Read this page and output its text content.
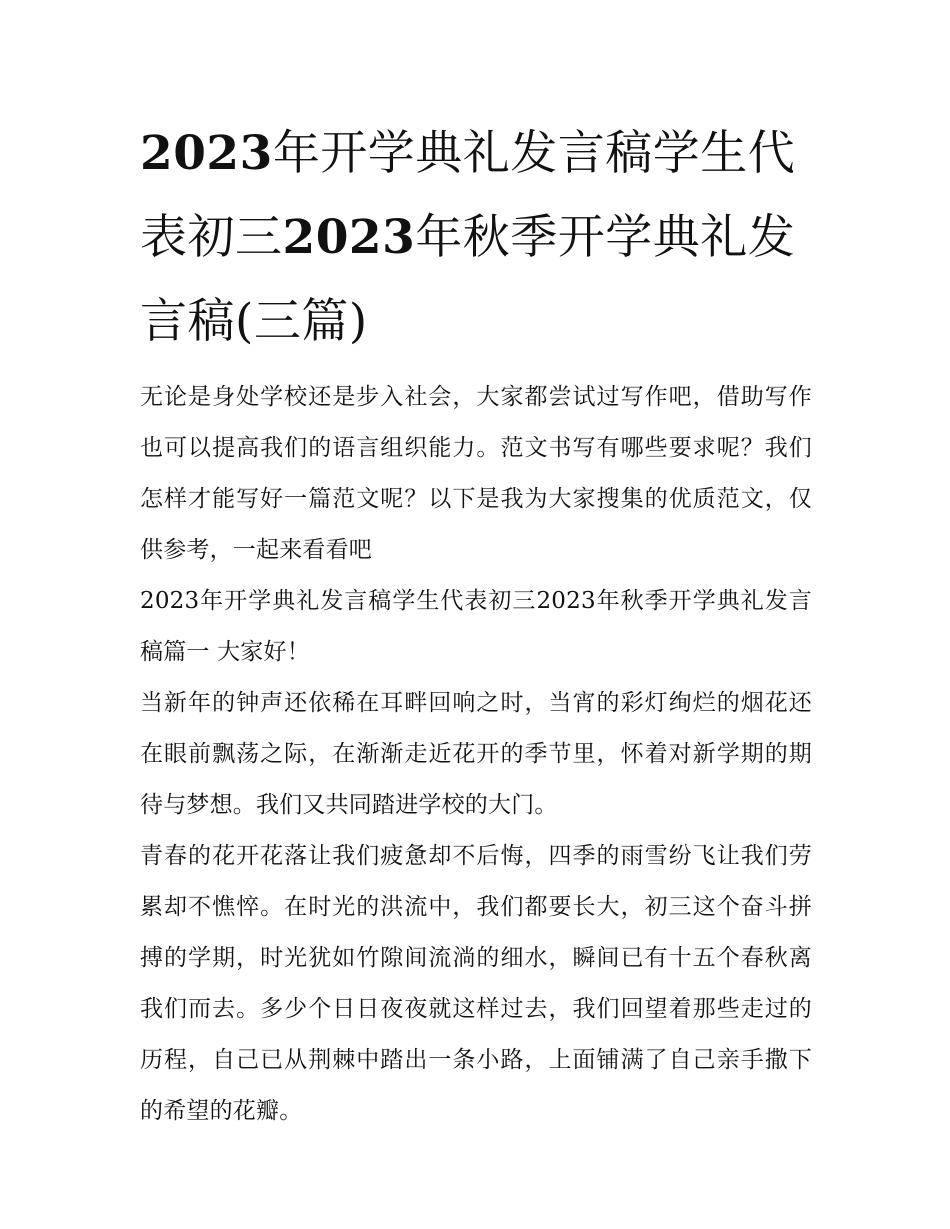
2023年开学典礼发言稿学生代表初三2023年秋季开学典礼发言稿(三篇)

无论是身处学校还是步入社会，大家都尝试过写作吧，借助写作也可以提高我们的语言组织能力。范文书写有哪些要求呢？我们怎样才能写好一篇范文呢？以下是我为大家搜集的优质范文，仅供参考，一起来看看吧

2023年开学典礼发言稿学生代表初三2023年秋季开学典礼发言稿篇一 大家好！

当新年的钟声还依稀在耳畔回响之时，当宵的彩灯绚烂的烟花还在眼前飘荡之际，在渐渐走近花开的季节里，怀着对新学期的期待与梦想。我们又共同踏进学校的大门。

青春的花开花落让我们疲惫却不后悔，四季的雨雪纷飞让我们劳累却不憔悴。在时光的洪流中，我们都要长大，初三这个奋斗拼搏的学期，时光犹如竹隙间流淌的细水，瞬间已有十五个春秋离我们而去。多少个日日夜夜就这样过去，我们回望着那些走过的历程，自己已从荆棘中踏出一条小路，上面铺满了自己亲手撒下的希望的花瓣。
